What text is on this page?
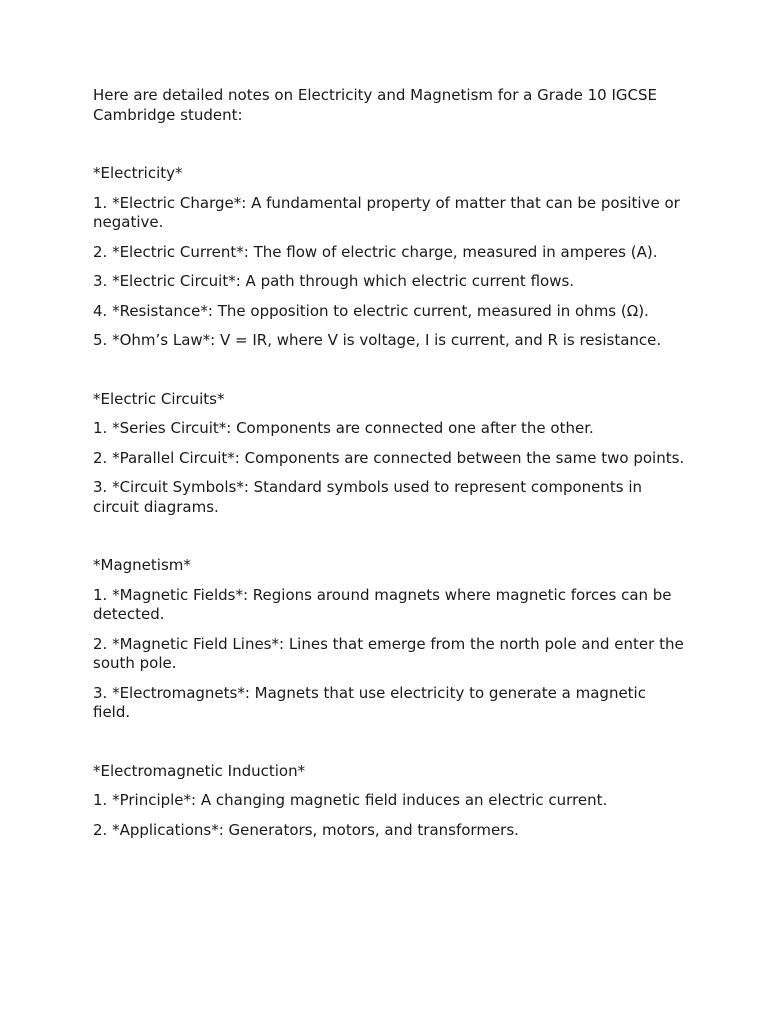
Here are detailed notes on Electricity and Magnetism for a Grade 10 IGCSE Cambridge student:

*Electricity*

1. *Electric Charge*: A fundamental property of matter that can be positive or negative.

2. *Electric Current*: The flow of electric charge, measured in amperes (A).

3. *Electric Circuit*: A path through which electric current flows.

4. *Resistance*: The opposition to electric current, measured in ohms (Ω).

5. *Ohm’s Law*: V = IR, where V is voltage, I is current, and R is resistance.

*Electric Circuits*

1. *Series Circuit*: Components are connected one after the other.

2. *Parallel Circuit*: Components are connected between the same two points.

3. *Circuit Symbols*: Standard symbols used to represent components in circuit diagrams.

*Magnetism*

1. *Magnetic Fields*: Regions around magnets where magnetic forces can be detected.

2. *Magnetic Field Lines*: Lines that emerge from the north pole and enter the south pole.

3. *Electromagnets*: Magnets that use electricity to generate a magnetic field.

*Electromagnetic Induction*

1. *Principle*: A changing magnetic field induces an electric current.

2. *Applications*: Generators, motors, and transformers.
